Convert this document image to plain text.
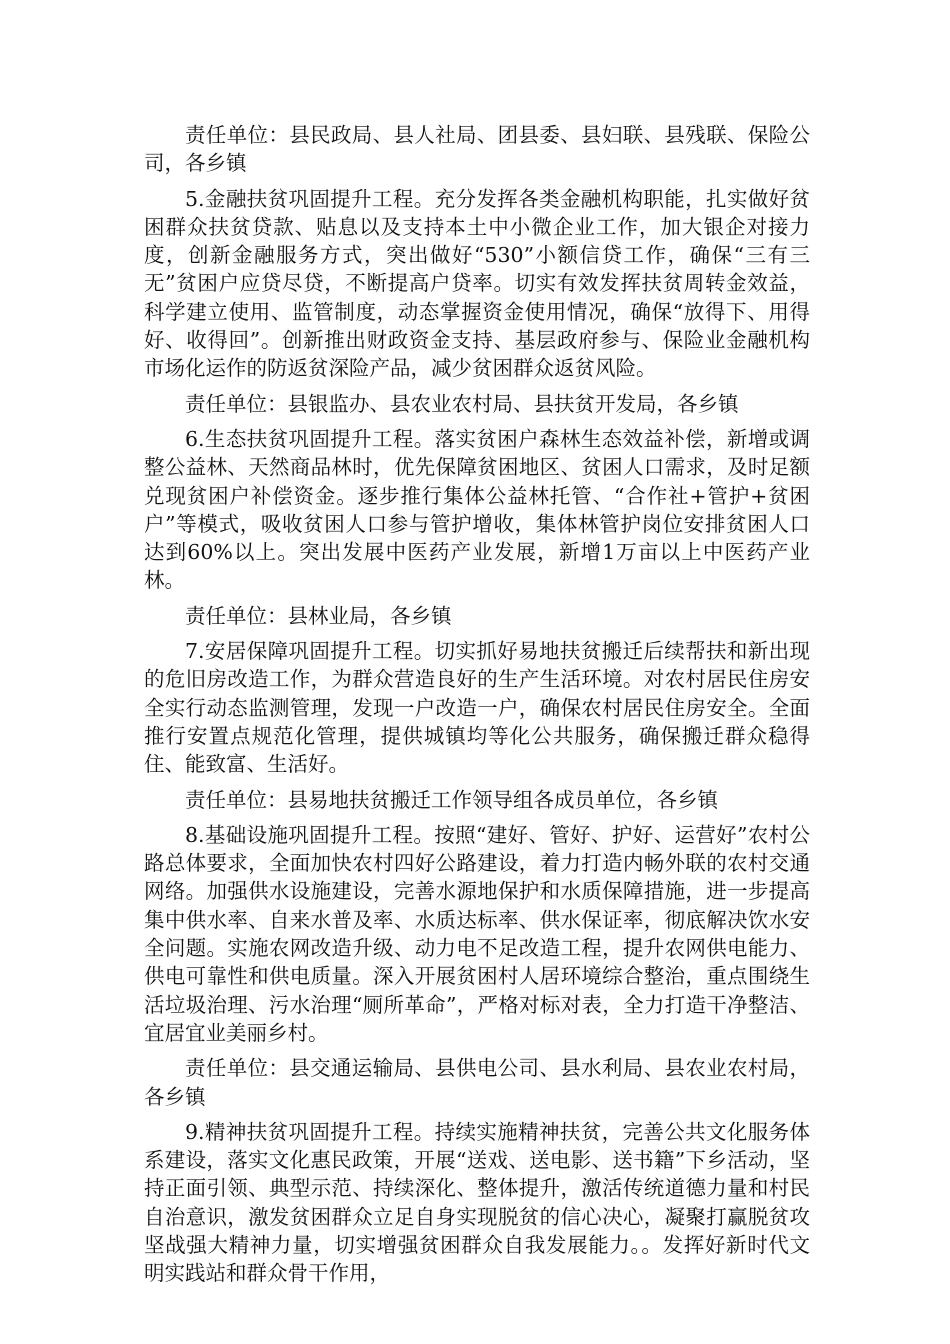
责任单位：县民政局、县人社局、团县委、县妇联、县残联、保险公司，各乡镇

5.金融扶贫巩固提升工程。充分发挥各类金融机构职能，扎实做好贫困群众扶贫贷款、贴息以及支持本土中小微企业工作，加大银企对接力度，创新金融服务方式，突出做好“530”小额信贷工作，确保“三有三无”贫困户应贷尽贷，不断提高户贷率。切实有效发挥扶贫周转金效益，科学建立使用、监管制度，动态掌握资金使用情况，确保“放得下、用得好、收得回”。创新推出财政资金支持、基层政府参与、保险业金融机构市场化运作的防返贫深险产品，减少贫困群众返贫风险。

责任单位：县银监办、县农业农村局、县扶贫开发局，各乡镇

6.生态扶贫巩固提升工程。落实贫困户森林生态效益补偿，新增或调整公益林、天然商品林时，优先保障贫困地区、贫困人口需求，及时足额兑现贫困户补偿资金。逐步推行集体公益林托管、“合作社+管护+贫困户”等模式，吸收贫困人口参与管护增收，集体林管护岗位安排贫困人口达到60%以上。突出发展中医药产业发展，新增1万亩以上中医药产业林。

责任单位：县林业局，各乡镇

7.安居保障巩固提升工程。切实抓好易地扶贫搬迁后续帮扶和新出现的危旧房改造工作，为群众营造良好的生产生活环境。对农村居民住房安全实行动态监测管理，发现一户改造一户，确保农村居民住房安全。全面推行安置点规范化管理，提供城镇均等化公共服务，确保搬迁群众稳得住、能致富、生活好。

责任单位：县易地扶贫搬迁工作领导组各成员单位，各乡镇

8.基础设施巩固提升工程。按照“建好、管好、护好、运营好”农村公路总体要求，全面加快农村四好公路建设，着力打造内畅外联的农村交通网络。加强供水设施建设，完善水源地保护和水质保障措施，进一步提高集中供水率、自来水普及率、水质达标率、供水保证率，彻底解决饮水安全问题。实施农网改造升级、动力电不足改造工程，提升农网供电能力、供电可靠性和供电质量。深入开展贫困村人居环境综合整治，重点围绕生活垃圾治理、污水治理“厕所革命”，严格对标对表，全力打造干净整洁、宜居宜业美丽乡村。

责任单位：县交通运输局、县供电公司、县水利局、县农业农村局，各乡镇

9.精神扶贫巩固提升工程。持续实施精神扶贫，完善公共文化服务体系建设，落实文化惠民政策，开展“送戏、送电影、送书籍”下乡活动，坚持正面引领、典型示范、持续深化、整体提升，激活传统道德力量和村民自治意识，激发贫困群众立足自身实现脱贫的信心决心，凝聚打赢脱贫攻坚战强大精神力量，切实增强贫困群众自我发展能力。。发挥好新时代文明实践站和群众骨干作用，
